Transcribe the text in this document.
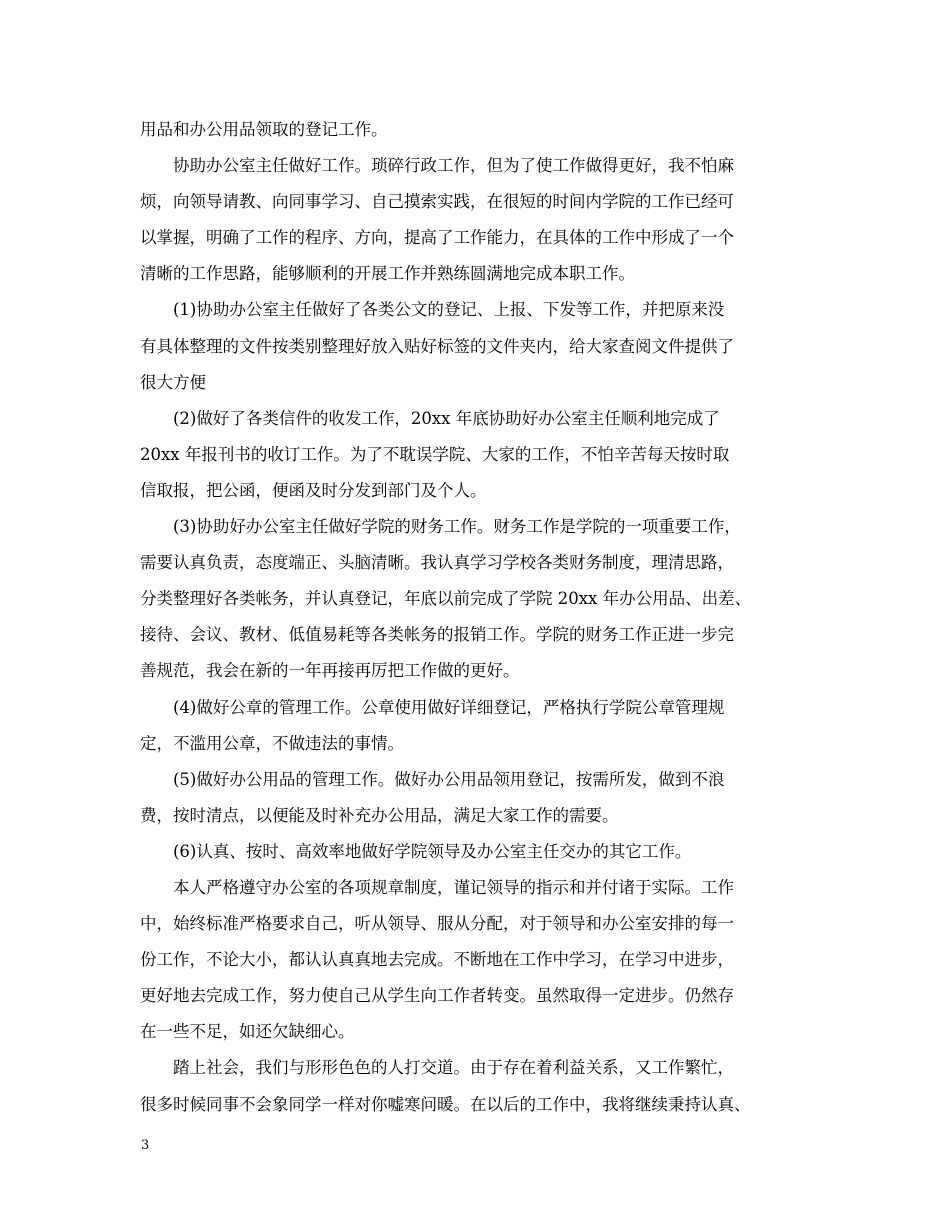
用品和办公用品领取的登记工作。
协助办公室主任做好工作。琐碎行政工作，但为了使工作做得更好，我不怕麻
烦，向领导请教、向同事学习、自己摸索实践，在很短的时间内学院的工作已经可
以掌握，明确了工作的程序、方向，提高了工作能力，在具体的工作中形成了一个
清晰的工作思路，能够顺利的开展工作并熟练圆满地完成本职工作。
(1)协助办公室主任做好了各类公文的登记、上报、下发等工作，并把原来没
有具体整理的文件按类别整理好放入贴好标签的文件夹内，给大家查阅文件提供了
很大方便
(2)做好了各类信件的收发工作，20xx 年底协助好办公室主任顺利地完成了
20xx 年报刊书的收订工作。为了不耽误学院、大家的工作，不怕辛苦每天按时取
信取报，把公函，便函及时分发到部门及个人。
(3)协助好办公室主任做好学院的财务工作。财务工作是学院的一项重要工作，
需要认真负责，态度端正、头脑清晰。我认真学习学校各类财务制度，理清思路，
分类整理好各类帐务，并认真登记，年底以前完成了学院 20xx 年办公用品、出差、
接待、会议、教材、低值易耗等各类帐务的报销工作。学院的财务工作正进一步完
善规范，我会在新的一年再接再厉把工作做的更好。
(4)做好公章的管理工作。公章使用做好详细登记，严格执行学院公章管理规
定，不滥用公章，不做违法的事情。
(5)做好办公用品的管理工作。做好办公用品领用登记，按需所发，做到不浪
费，按时清点，以便能及时补充办公用品，满足大家工作的需要。
(6)认真、按时、高效率地做好学院领导及办公室主任交办的其它工作。
本人严格遵守办公室的各项规章制度，谨记领导的指示和并付诸于实际。工作
中，始终标准严格要求自己，听从领导、服从分配，对于领导和办公室安排的每一
份工作，不论大小，都认认真真地去完成。不断地在工作中学习，在学习中进步，
更好地去完成工作，努力使自己从学生向工作者转变。虽然取得一定进步。仍然存
在一些不足，如还欠缺细心。
踏上社会，我们与形形色色的人打交道。由于存在着利益关系，又工作繁忙，
很多时候同事不会象同学一样对你嘘寒问暖。在以后的工作中，我将继续秉持认真、
3
